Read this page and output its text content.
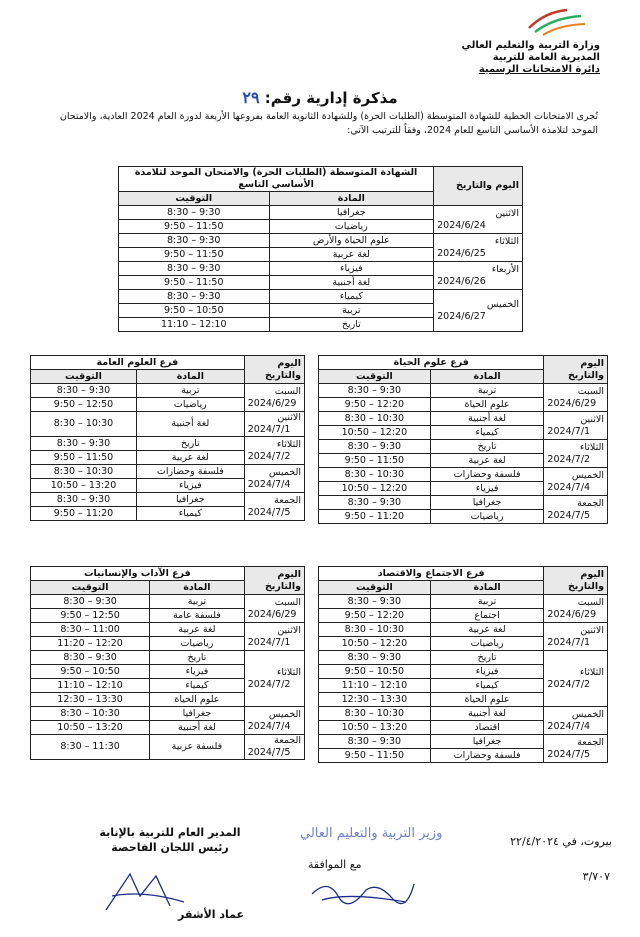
وزارة التربية والتعليم العالي
المديرية العامة للتربية
دائرة الامتحانات الرسمية
مذكرة إدارية رقم: ٢٩
تُجرى الامتحانات الخطية للشهادة المتوسطة (الطلبات الحرة) وللشهادة الثانوية العامة بفروعها الأربعة لدورة العام 2024 العادية، والامتحان الموحد لتلامذة الأساسي التاسع للعام 2024، وفقاً للترتيب الآتي:
اليوم والتاريخ	الشهادة المتوسطة (الطلبات الحرة) والامتحان الموحد لتلامذة الأساسي التاسع	
	المادة	التوقيت

الاثنين
2024/6/24	جغرافيا	8:30 – 9:30
	رياضيات	9:50 – 11:50

الثلاثاء
2024/6/25	علوم الحياة والأرض	8:30 – 9:30
	لغة عربية	9:50 – 11:50

الأربعاء
2024/6/26	فيزياء	8:30 – 9:30
	لغة أجنبية	9:50 – 11:50

الخميس
2024/6/27	كيمياء	8:30 – 9:30
	تربية	9:50 – 10:50
	تاريخ	11:10 – 12:10
اليوم والتاريخ	فرع علوم الحياة	
	المادة	التوقيت

السبت
2024/6/29	تربية	8:30 – 9:30
	علوم الحياة	9:50 – 12:20

الاثنين
2024/7/1	لغة أجنبية	8:30 – 10:30
	كيمياء	10:50 – 12:20

الثلاثاء
2024/7/2	تاريخ	8:30 – 9:30
	لغة عربية	9:50 – 11:50

الخميس
2024/7/4	فلسفة وحضارات	8:30 – 10:30
	فيزياء	10:50 – 12:20

الجمعة
2024/7/5	جغرافيا	8:30 – 9:30
	رياضيات	9:50 – 11:20
اليوم والتاريخ	فرع العلوم العامة	
	المادة	التوقيت

السبت
2024/6/29	تربية	8:30 – 9:30
	رياضيات	9:50 – 12:50

الاثنين
2024/7/1	لغة أجنبية	8:30 – 10:30

الثلاثاء
2024/7/2	تاريخ	8:30 – 9:30
	لغة عربية	9:50 – 11:50

الخميس
2024/7/4	فلسفة وحضارات	8:30 – 10:30
	فيزياء	10:50 – 13:20

الجمعة
2024/7/5	جغرافيا	8:30 – 9:30
	كيمياء	9:50 – 11:20
اليوم والتاريخ	فرع الاجتماع والاقتصاد	
	المادة	التوقيت

السبت
2024/6/29	تربية	8:30 – 9:30
	اجتماع	9:50 – 12:20

الاثنين
2024/7/1	لغة عربية	8:30 – 10:30
	رياضيات	10:50 – 12:20

الثلاثاء
2024/7/2	تاريخ	8:30 – 9:30
	فيزياء	9:50 – 10:50
	كيمياء	11:10 – 12:10
	علوم الحياة	12:30 – 13:30

الخميس
2024/7/4	لغة أجنبية	8:30 – 10:30
	اقتصاد	10:50 – 13:20

الجمعة
2024/7/5	جغرافيا	8:30 – 9:30
	فلسفة وحضارات	9:50 – 11:50
اليوم والتاريخ	فرع الآداب والإنسانيات	
	المادة	التوقيت

السبت
2024/6/29	تربية	8:30 – 9:30
	فلسفة عامة	9:50 – 12:50

الاثنين
2024/7/1	لغة عربية	8:30 – 11:00
	رياضيات	11:20 – 12:20

الثلاثاء
2024/7/2	تاريخ	8:30 – 9:30
	فيزياء	9:50 – 10:50
	كيمياء	11:10 – 12:10
	علوم الحياة	12:30 – 13:30

الخميس
2024/7/4	جغرافيا	8:30 – 10:30
	لغة أجنبية	10:50 – 13:20

الجمعة
2024/7/5	فلسفة عربية	8:30 – 11:30
بيروت، في ٢٢/٤/٢٠٢٤
مع الموافقة
وزير التربية والتعليم العالي
٣/٧٠٧
المدير العام للتربية بالإنابة
رئيس اللجان الفاحصة
عماد الأشقر
